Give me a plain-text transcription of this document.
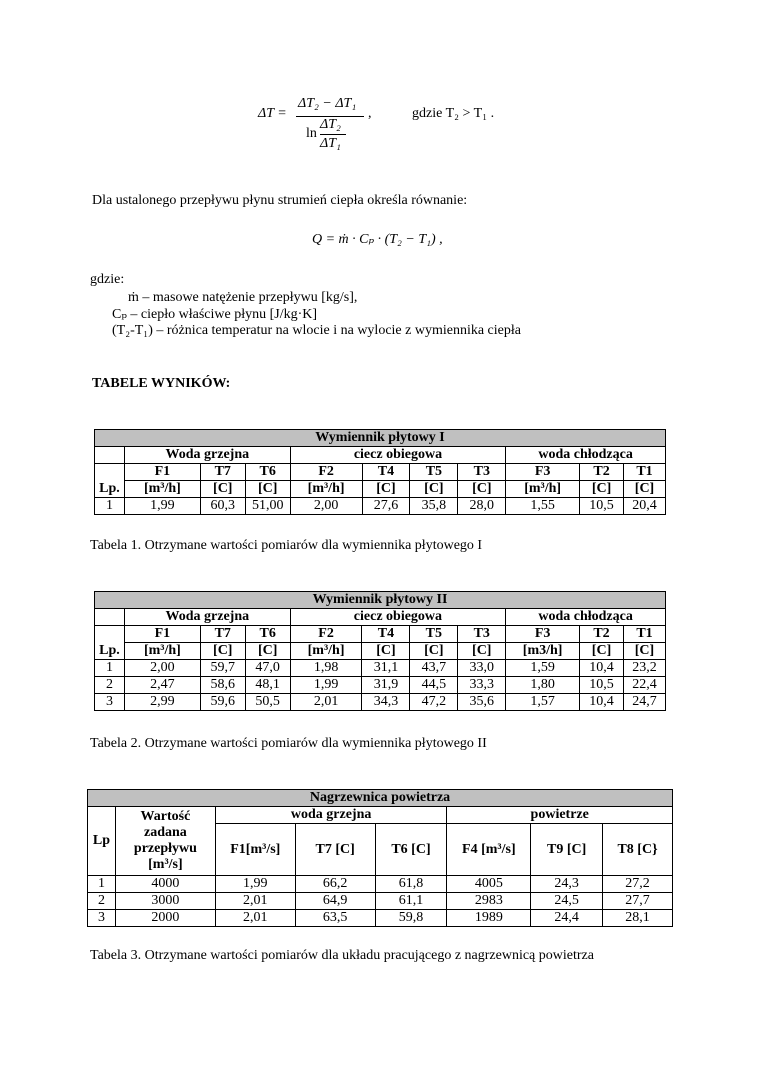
ΔT =
ΔT₂ − ΔT₁
ln
ΔT₂
ΔT₁
,	gdzie T₂ > T₁ .
Dla ustalonego przepływu płynu strumień ciepła określa równanie:
Q = ṁ · Cₚ · (T₂ − T₁) ,
gdzie:
ṁ – masowe natężenie przepływu [kg/s],
Cₚ – ciepło właściwe płynu [J/kg·K]
(T₂-T₁) – różnica temperatur na wlocie i na wylocie z wymiennika ciepła
TABELE WYNIKÓW:
Wymiennik płytowy I										
	Woda grzejna			ciecz obiegowa				woda chłodząca		
Lp.	F1	T7	T6	F2	T4	T5	T3	F3	T2	T1
	[m³/h]	[C]	[C]	[m³/h]	[C]	[C]	[C]	[m³/h]	[C]	[C]
1	1,99	60,3	51,00	2,00	27,6	35,8	28,0	1,55	10,5	20,4
Tabela 1. Otrzymane wartości pomiarów dla wymiennika płytowego I
Wymiennik płytowy II										
	Woda grzejna			ciecz obiegowa				woda chłodząca		
Lp.	F1	T7	T6	F2	T4	T5	T3	F3	T2	T1
	[m³/h]	[C]	[C]	[m³/h]	[C]	[C]	[C]	[m3/h]	[C]	[C]
1	2,00	59,7	47,0	1,98	31,1	43,7	33,0	1,59	10,4	23,2
2	2,47	58,6	48,1	1,99	31,9	44,5	33,3	1,80	10,5	22,4
3	2,99	59,6	50,5	2,01	34,3	47,2	35,6	1,57	10,4	24,7
Tabela 2. Otrzymane wartości pomiarów dla wymiennika płytowego II
Nagrzewnica powietrza							
Lp	Wartość
zadana
przepływu
[m³/s]	woda grzejna			powietrze		
		F1[m³/s]	T7 [C]	T6 [C]	F4 [m³/s]	T9 [C]	T8 [C}
1	4000	1,99	66,2	61,8	4005	24,3	27,2
2	3000	2,01	64,9	61,1	2983	24,5	27,7
3	2000	2,01	63,5	59,8	1989	24,4	28,1
Tabela 3. Otrzymane wartości pomiarów dla układu pracującego z nagrzewnicą powietrza
